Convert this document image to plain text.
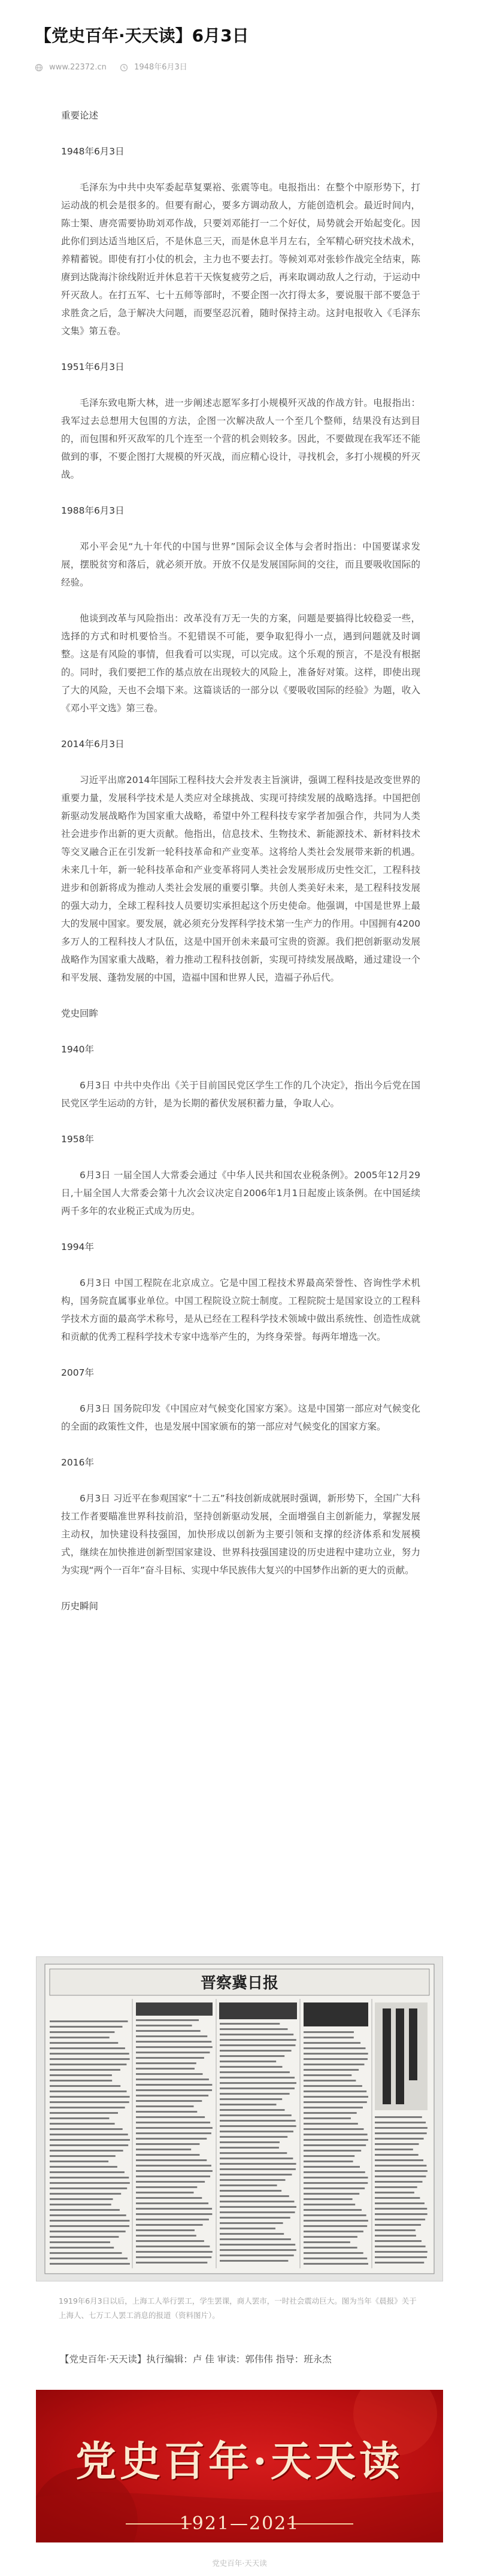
【党史百年·天天读】6月3日
www.22372.cn	1948年6月3日

重要论述

1948年6月3日

毛泽东为中共中央军委起草复粟裕、张震等电。电报指出：在整个中原形势下，打运动战的机会是很多的。但要有耐心，要多方调动敌人，方能创造机会。最近时间内，陈士榘、唐亮需要协助刘邓作战，只要刘邓能打一二个好仗，局势就会开始起变化。因此你们到达适当地区后，不是休息三天，而是休息半月左右，全军精心研究技术战术，养精蓄锐。即使有打小仗的机会，主力也不要去打。等候刘邓对张轸作战完全结束，陈赓到达陇海汴徐线附近并休息若干天恢复疲劳之后，再来取调动敌人之行动，于运动中歼灭敌人。在打五军、七十五师等部时，不要企图一次打得太多，要说服干部不要急于求胜贪之后，急于解决大问题，而要坚忍沉着，随时保持主动。这封电报收入《毛泽东文集》第五卷。

1951年6月3日

毛泽东致电斯大林，进一步阐述志愿军多打小规模歼灭战的作战方针。电报指出：我军过去总想用大包围的方法，企图一次解决敌人一个至几个整师，结果没有达到目的，而包围和歼灭敌军的几个连至一个营的机会则较多。因此，不要做现在我军还不能做到的事，不要企图打大规模的歼灭战，而应精心设计，寻找机会，多打小规模的歼灭战。

1988年6月3日

邓小平会见“九十年代的中国与世界”国际会议全体与会者时指出：中国要谋求发展，摆脱贫穷和落后，就必须开放。开放不仅是发展国际间的交往，而且要吸收国际的经验。

他谈到改革与风险指出：改革没有万无一失的方案，问题是要搞得比较稳妥一些，选择的方式和时机要恰当。不犯错误不可能，要争取犯得小一点，遇到问题就及时调整。这是有风险的事情，但我看可以实现，可以完成。这个乐观的预言，不是没有根据的。同时，我们要把工作的基点放在出现较大的风险上，准备好对策。这样，即使出现了大的风险，天也不会塌下来。这篇谈话的一部分以《要吸收国际的经验》为题，收入《邓小平文选》第三卷。

2014年6月3日

习近平出席2014年国际工程科技大会并发表主旨演讲，强调工程科技是改变世界的重要力量，发展科学技术是人类应对全球挑战、实现可持续发展的战略选择。中国把创新驱动发展战略作为国家重大战略，希望中外工程科技专家学者加强合作，共同为人类社会进步作出新的更大贡献。他指出，信息技术、生物技术、新能源技术、新材料技术等交叉融合正在引发新一轮科技革命和产业变革。这将给人类社会发展带来新的机遇。未来几十年，新一轮科技革命和产业变革将同人类社会发展形成历史性交汇，工程科技进步和创新将成为推动人类社会发展的重要引擎。共创人类美好未来，是工程科技发展的强大动力，全球工程科技人员要切实承担起这个历史使命。他强调，中国是世界上最大的发展中国家。要发展，就必须充分发挥科学技术第一生产力的作用。中国拥有4200多万人的工程科技人才队伍，这是中国开创未来最可宝贵的资源。我们把创新驱动发展战略作为国家重大战略，着力推动工程科技创新，实现可持续发展战略，通过建设一个和平发展、蓬勃发展的中国，造福中国和世界人民，造福子孙后代。

党史回眸

1940年

6月3日 中共中央作出《关于目前国民党区学生工作的几个决定》，指出今后党在国民党区学生运动的方针，是为长期的蓄伏发展积蓄力量，争取人心。

1958年

6月3日 一届全国人大常委会通过《中华人民共和国农业税条例》。2005年12月29日,十届全国人大常委会第十九次会议决定自2006年1月1日起废止该条例。在中国延续两千多年的农业税正式成为历史。

1994年

6月3日 中国工程院在北京成立。它是中国工程技术界最高荣誉性、咨询性学术机构，国务院直属事业单位。中国工程院设立院士制度。工程院院士是国家设立的工程科学技术方面的最高学术称号，是从已经在工程科学技术领域中做出系统性、创造性成就和贡献的优秀工程科学技术专家中选举产生的，为终身荣誉。每两年增选一次。

2007年

6月3日 国务院印发《中国应对气候变化国家方案》。这是中国第一部应对气候变化的全面的政策性文件，也是发展中国家颁布的第一部应对气候变化的国家方案。

2016年

6月3日 习近平在参观国家“十二五”科技创新成就展时强调，新形势下，全国广大科技工作者要瞄准世界科技前沿，坚持创新驱动发展，全面增强自主创新能力，掌握发展主动权，加快建设科技强国，加快形成以创新为主要引领和支撑的经济体系和发展模式，继续在加快推进创新型国家建设、世界科技强国建设的历史进程中建功立业，努力为实现“两个一百年”奋斗目标、实现中华民族伟大复兴的中国梦作出新的更大的贡献。

历史瞬间

晋察冀日报

1919年6月3日以后，上海工人举行罢工，学生罢课，商人罢市，一时社会震动巨大。图为当年《晨报》关于上海人、七万工人罢工消息的报道（资料图片）。

【党史百年·天天读】执行编辑：卢 佳 审读：郭伟伟 指导：班永杰

党史百年·天天读
1921—2021
党史百年·天天读
